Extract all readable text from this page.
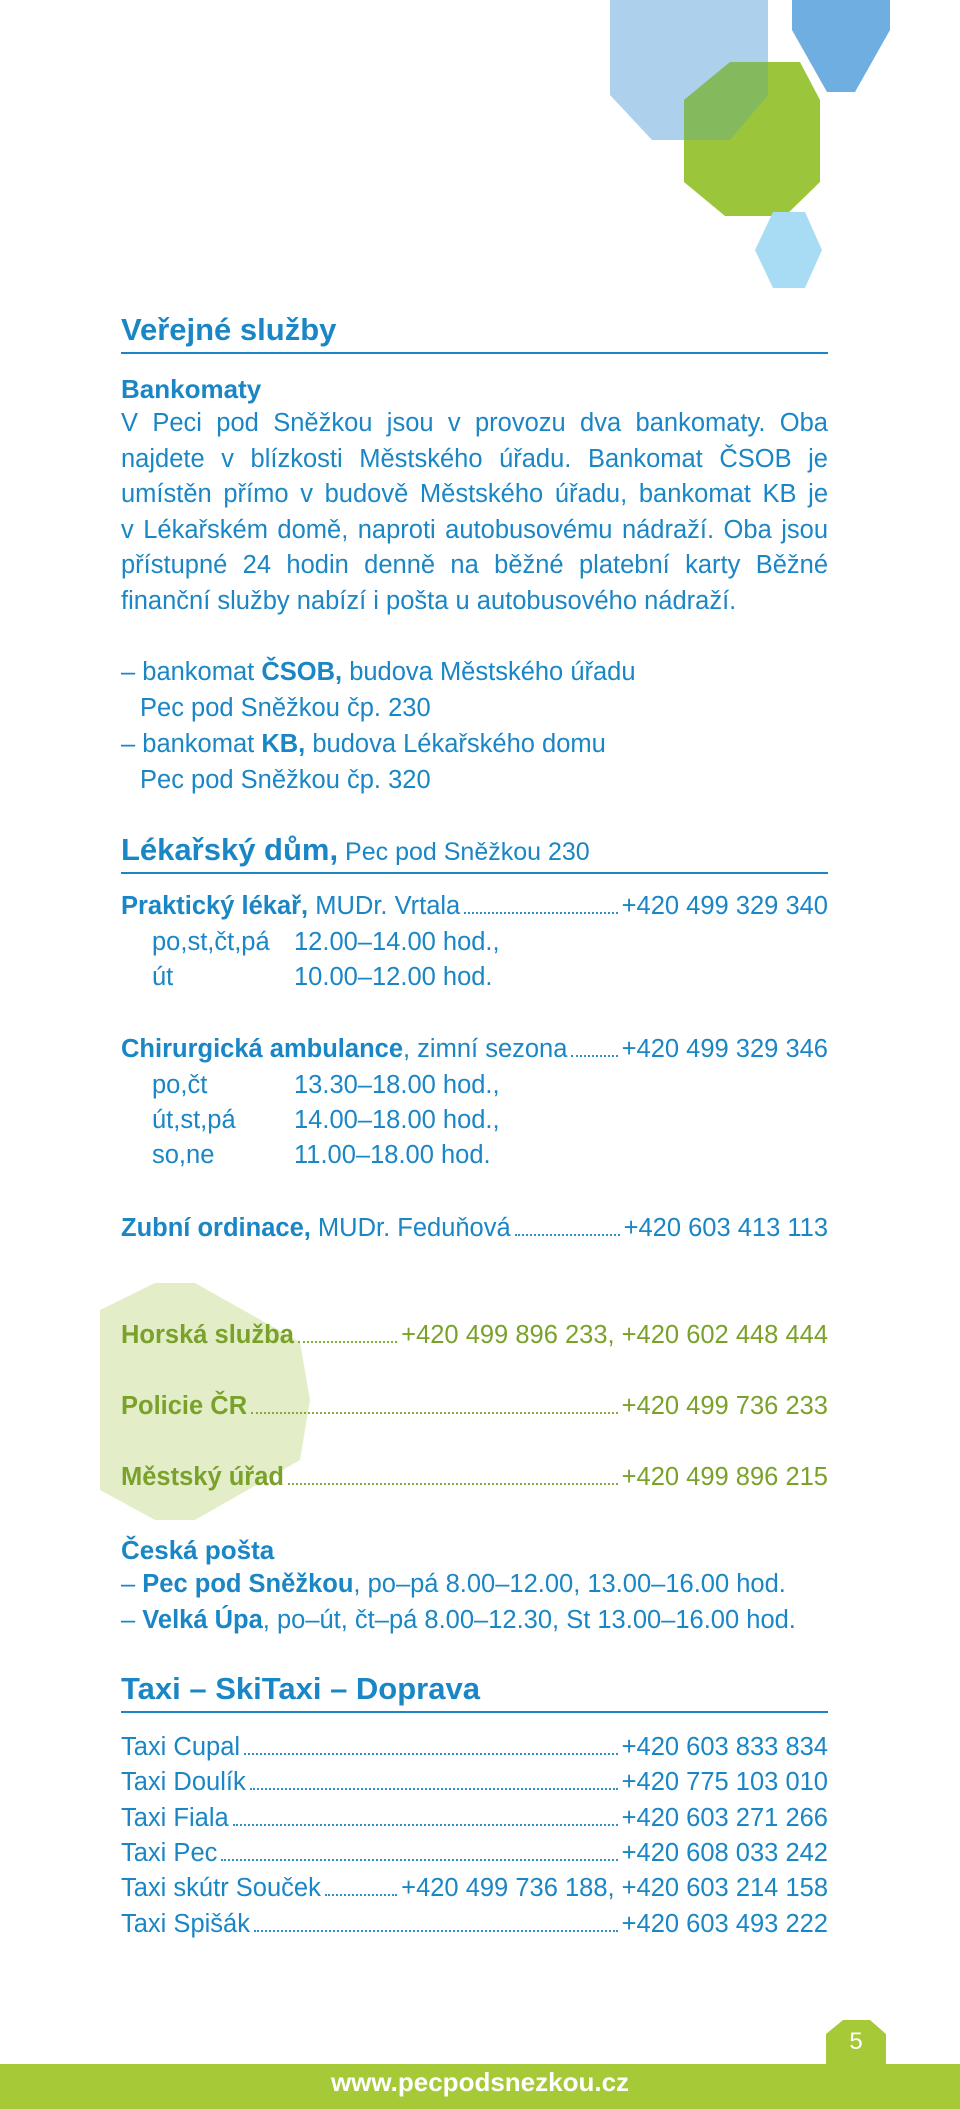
Veřejné služby
Bankomaty
V Peci pod Sněžkou jsou v provozu dva bankomaty. Oba
najdete v blízkosti Městského úřadu. Bankomat ČSOB je
umístěn přímo v budově Městského úřadu, bankomat KB je
v Lékařském domě, naproti autobusovému nádraží. Oba jsou
přístupné 24 hodin denně na běžné platební karty Běžné
finanční služby nabízí i pošta u autobusového nádraží.
– bankomat ČSOB, budova Městského úřadu
Pec pod Sněžkou čp. 230
– bankomat KB, budova Lékařského domu
Pec pod Sněžkou čp. 320
Lékařský dům, Pec pod Sněžkou 230
Praktický lékař, MUDr. Vrtala	+420 499 329 340
po,st,čt,pá 12.00–14.00 hod.,
út	10.00–12.00 hod.
Chirurgická ambulance, zimní sezona +420 499 329 346
po,čt	13.30–18.00 hod.,
út,st,pá 14.00–18.00 hod.,
so,ne	11.00–18.00 hod.
Zubní ordinace, MUDr. Feduňová	+420 603 413 113
Horská služba	+420 499 896 233, +420 602 448 444
Policie ČR	+420 499 736 233
Městský úřad	+420 499 896 215
Česká pošta
– Pec pod Sněžkou, po–pá 8.00–12.00, 13.00–16.00 hod.
– Velká Úpa, po–út, čt–pá 8.00–12.30, St 13.00–16.00 hod.
Taxi – SkiTaxi – Doprava
Taxi Cupal	+420 603 833 834
Taxi Doulík	+420 775 103 010
Taxi Fiala	+420 603 271 266
Taxi Pec	+420 608 033 242
Taxi skútr Souček	+420 499 736 188, +420 603 214 158
Taxi Spišák	+420 603 493 222
www.pecpodsnezkou.cz
5
